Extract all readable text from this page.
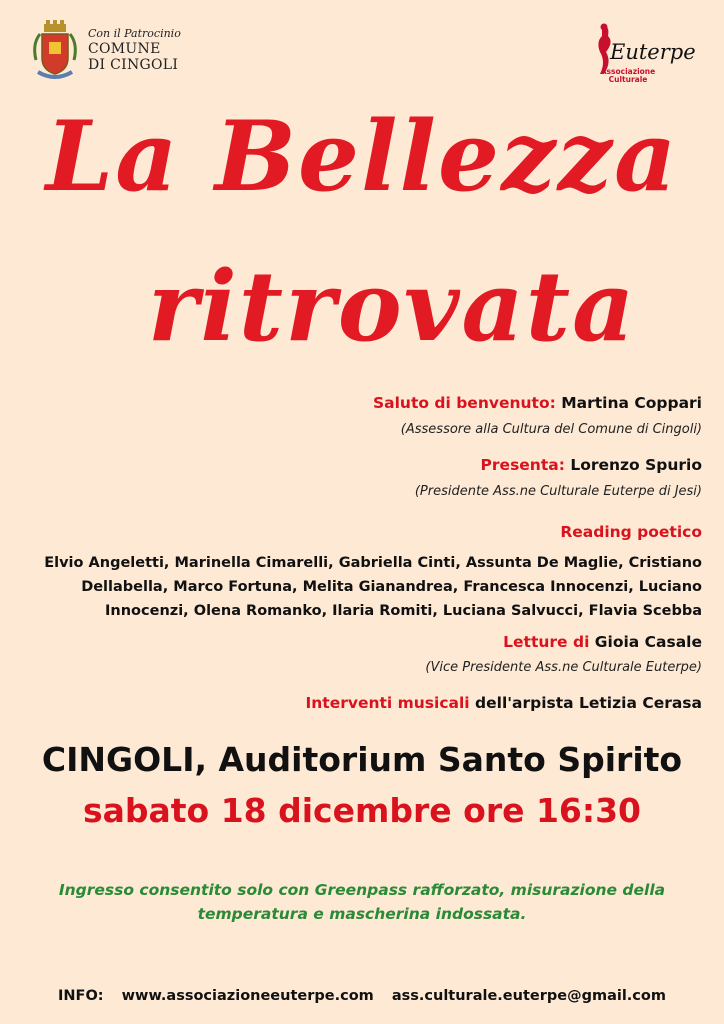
Con il Patrocinio
COMUNE
DI CINGOLI
Euterpe
Associazione
Culturale
La Bellezza
ritrovata
Saluto di benvenuto: Martina Coppari
(Assessore alla Cultura del Comune di Cingoli)
Presenta: Lorenzo Spurio
(Presidente Ass.ne Culturale Euterpe di Jesi)
Reading poetico
Elvio Angeletti, Marinella Cimarelli, Gabriella Cinti, Assunta De Maglie, Cristiano
Dellabella, Marco Fortuna, Melita Gianandrea, Francesca Innocenzi, Luciano
Innocenzi, Olena Romanko, Ilaria Romiti, Luciana Salvucci, Flavia Scebba
Letture di Gioia Casale
(Vice Presidente Ass.ne Culturale Euterpe)
Interventi musicali dell'arpista Letizia Cerasa
CINGOLI, Auditorium Santo Spirito
sabato 18 dicembre ore 16:30
Ingresso consentito solo con Greenpass rafforzato, misurazione della
temperatura e mascherina indossata.
INFO: www.associazioneeuterpe.com ass.culturale.euterpe@gmail.com
